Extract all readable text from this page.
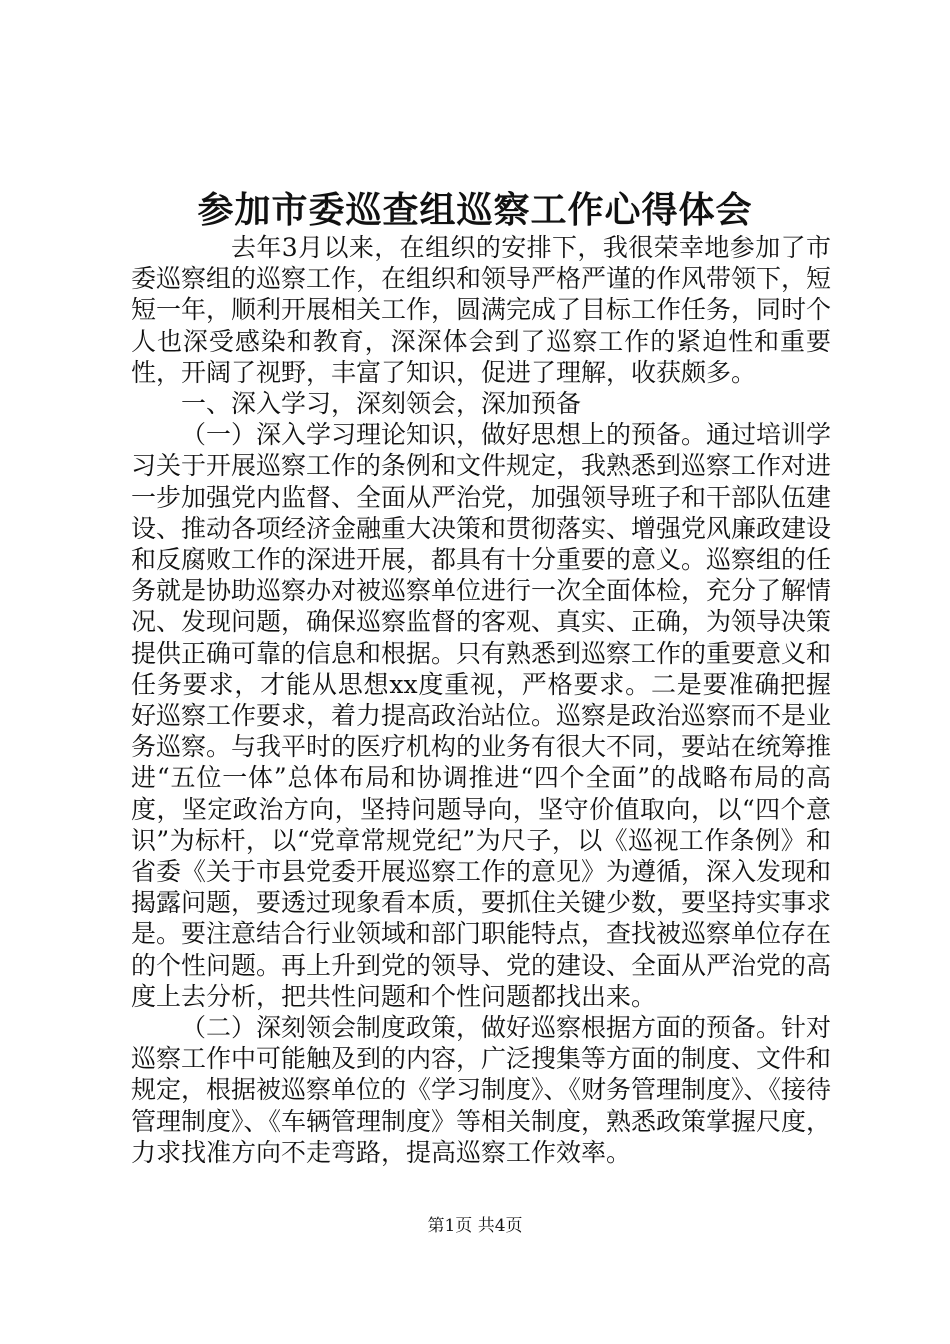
参加市委巡查组巡察工作心得体会

去年3月以来，在组织的安排下，我很荣幸地参加了市委巡察组的巡察工作，在组织和领导严格严谨的作风带领下，短短一年，顺利开展相关工作，圆满完成了目标工作任务，同时个人也深受感染和教育，深深体会到了巡察工作的紧迫性和重要性，开阔了视野，丰富了知识，促进了理解，收获颇多。

一、深入学习，深刻领会，深加预备

（一）深入学习理论知识，做好思想上的预备。通过培训学习关于开展巡察工作的条例和文件规定，我熟悉到巡察工作对进一步加强党内监督、全面从严治党，加强领导班子和干部队伍建设、推动各项经济金融重大决策和贯彻落实、增强党风廉政建设和反腐败工作的深进开展，都具有十分重要的意义。巡察组的任务就是协助巡察办对被巡察单位进行一次全面体检，充分了解情况、发现问题，确保巡察监督的客观、真实、正确，为领导决策提供正确可靠的信息和根据。只有熟悉到巡察工作的重要意义和任务要求，才能从思想xx度重视，严格要求。二是要准确把握好巡察工作要求，着力提高政治站位。巡察是政治巡察而不是业务巡察。与我平时的医疗机构的业务有很大不同，要站在统筹推进“五位一体”总体布局和协调推进“四个全面”的战略布局的高度，坚定政治方向，坚持问题导向，坚守价值取向，以“四个意识”为标杆，以“党章常规党纪”为尺子，以《巡视工作条例》和省委《关于市县党委开展巡察工作的意见》为遵循，深入发现和揭露问题，要透过现象看本质，要抓住关键少数，要坚持实事求是。要注意结合行业领域和部门职能特点，查找被巡察单位存在的个性问题。再上升到党的领导、党的建设、全面从严治党的高度上去分析，把共性问题和个性问题都找出来。

（二）深刻领会制度政策，做好巡察根据方面的预备。针对巡察工作中可能触及到的内容，广泛搜集等方面的制度、文件和规定，根据被巡察单位的《学习制度》、《财务管理制度》、《接待管理制度》、《车辆管理制度》等相关制度，熟悉政策掌握尺度，力求找准方向不走弯路，提高巡察工作效率。

第1页 共4页
